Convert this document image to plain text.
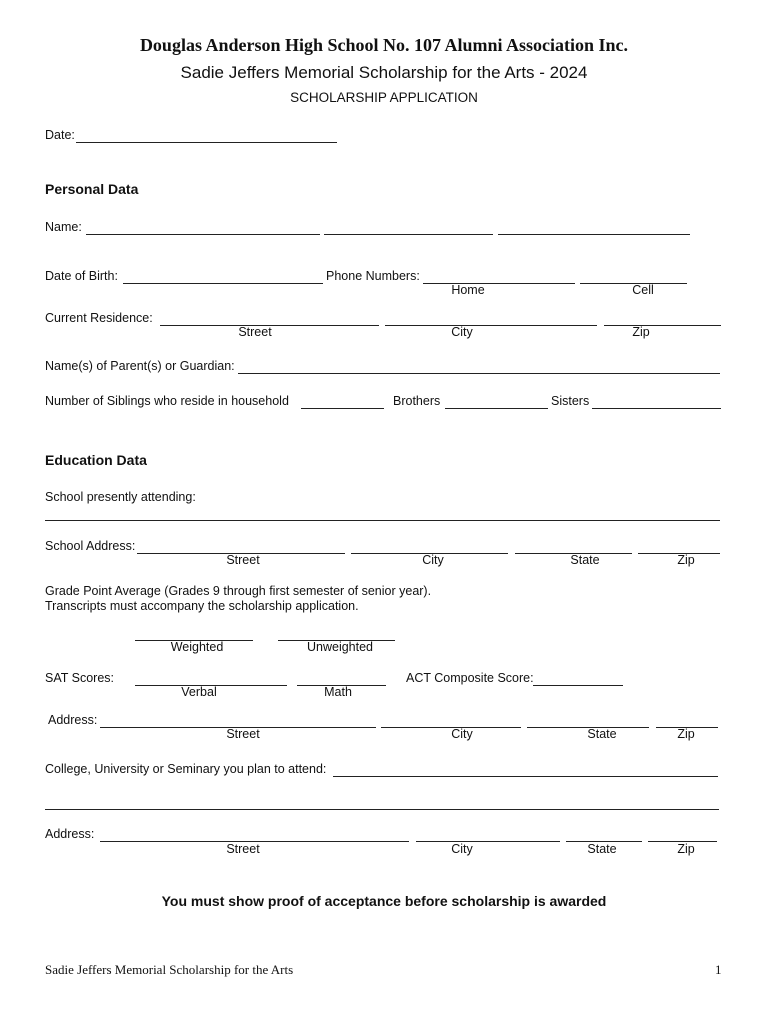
Douglas Anderson High School No. 107 Alumni Association Inc.
Sadie Jeffers Memorial Scholarship for the Arts - 2024
SCHOLARSHIP APPLICATION
Date:
Personal Data
Name:
Date of Birth:	Phone Numbers:
Home	Cell
Current Residence:
Street	City	Zip
Name(s) of Parent(s) or Guardian:
Number of Siblings who reside in household	Brothers	Sisters
Education Data
School presently attending:
School Address:
Street	City	State	Zip
Grade Point Average (Grades 9 through first semester of senior year).
Transcripts must accompany the scholarship application.
Weighted	Unweighted
SAT Scores:
Verbal	Math
ACT Composite Score:
Address:
Street	City	State	Zip
College, University or Seminary you plan to attend:
Address:
Street	City	State	Zip
You must show proof of acceptance before scholarship is awarded
Sadie Jeffers Memorial Scholarship for the Arts	1
